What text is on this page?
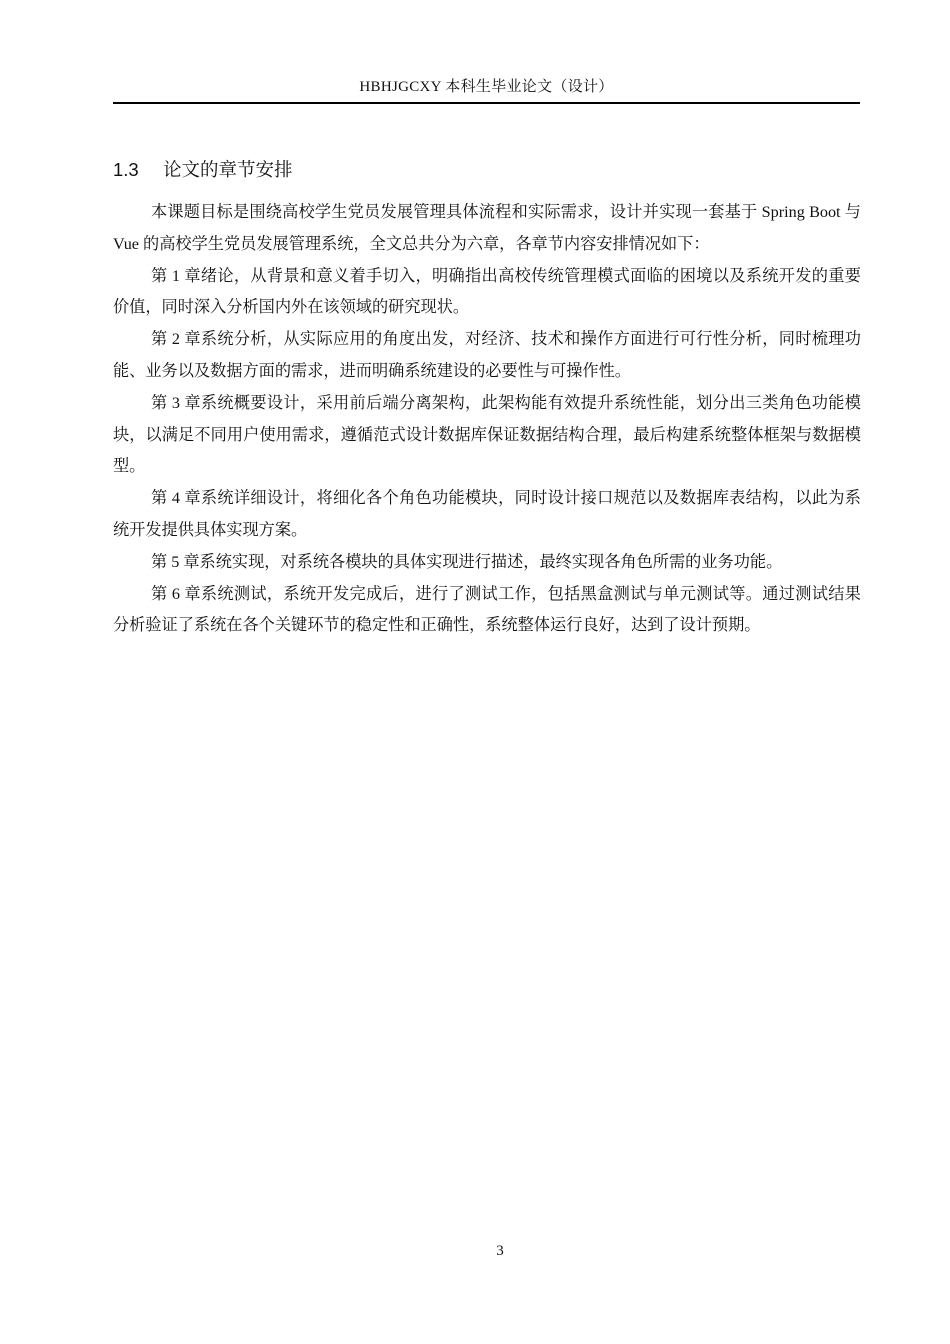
HBHJGCXY 本科生毕业论文（设计）
1.3 论文的章节安排

本课题目标是围绕高校学生党员发展管理具体流程和实际需求，设计并实现一套基于 Spring Boot 与 Vue 的高校学生党员发展管理系统，全文总共分为六章，各章节内容安排情况如下：

第 1 章绪论，从背景和意义着手切入，明确指出高校传统管理模式面临的困境以及系统开发的重要价值，同时深入分析国内外在该领域的研究现状。

第 2 章系统分析，从实际应用的角度出发，对经济、技术和操作方面进行可行性分析，同时梳理功能、业务以及数据方面的需求，进而明确系统建设的必要性与可操作性。

第 3 章系统概要设计，采用前后端分离架构，此架构能有效提升系统性能，划分出三类角色功能模块，以满足不同用户使用需求，遵循范式设计数据库保证数据结构合理，最后构建系统整体框架与数据模型。

第 4 章系统详细设计，将细化各个角色功能模块，同时设计接口规范以及数据库表结构，以此为系统开发提供具体实现方案。

第 5 章系统实现，对系统各模块的具体实现进行描述，最终实现各角色所需的业务功能。

第 6 章系统测试，系统开发完成后，进行了测试工作，包括黑盒测试与单元测试等。通过测试结果分析验证了系统在各个关键环节的稳定性和正确性，系统整体运行良好，达到了设计预期。

3
